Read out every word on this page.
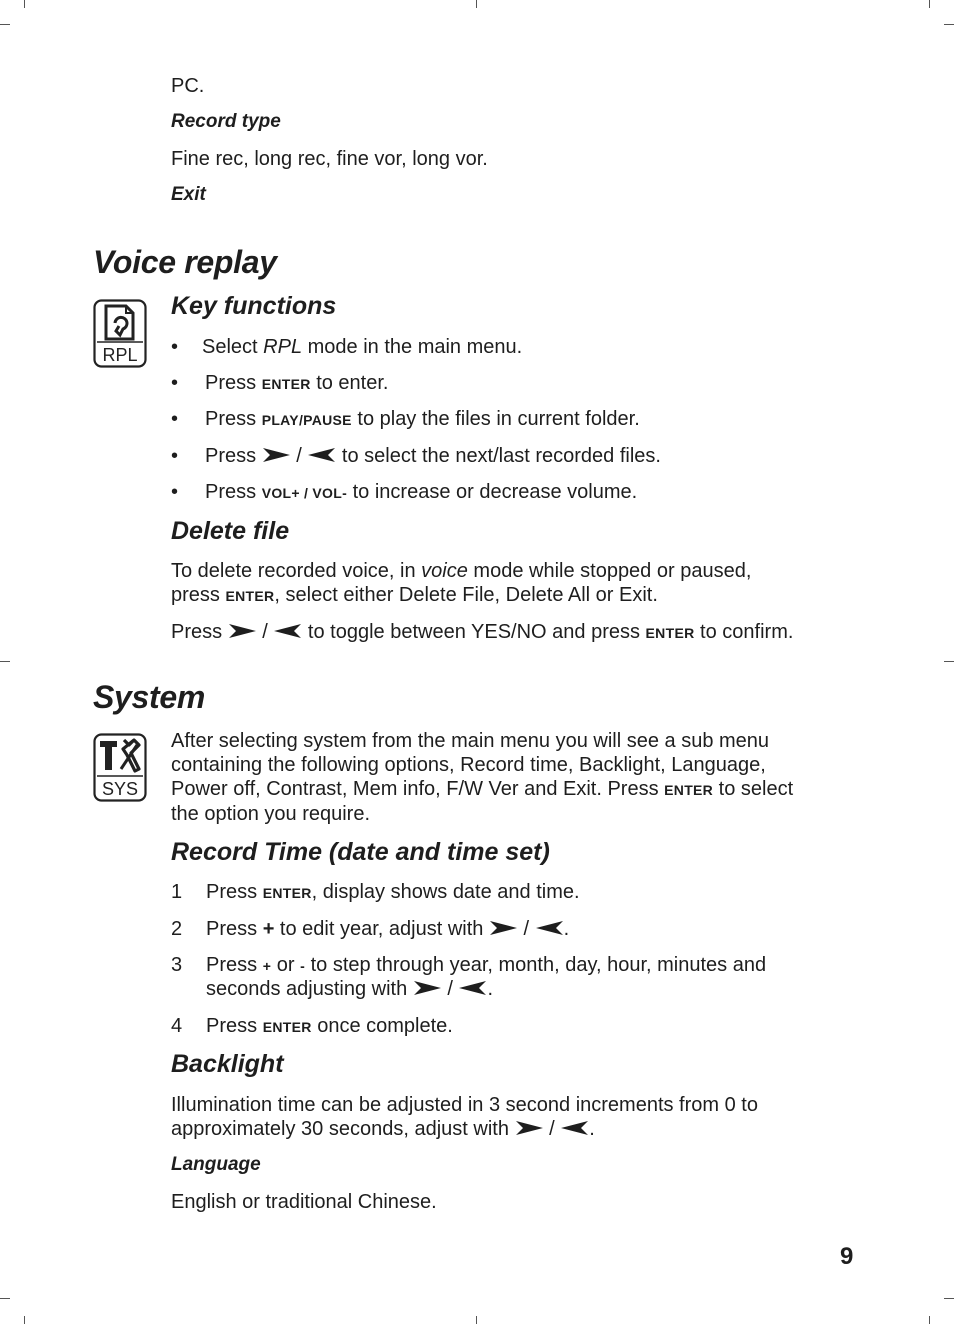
PC.
Record type
Fine rec, long rec, fine vor, long vor.
Exit
Voice replay
RPL
Key functions
• Select RPL mode in the main menu.
• Press ENTER to enter.
• Press PLAY/PAUSE to play the files in current folder.
• Press
/
to select the next/last recorded files.
• Press VOL+ / VOL- to increase or decrease volume.
Delete file
To delete recorded voice, in voice mode while stopped or paused,
press ENTER, select either Delete File, Delete All or Exit.
Press
/
to toggle between YES/NO and press ENTER to confirm.
System
SYS
After selecting system from the main menu you will see a sub menu
containing the following options, Record time, Backlight, Language,
Power off, Contrast, Mem info, F/W Ver and Exit. Press ENTER to select
the option you require.
Record Time (date and time set)
1 Press ENTER, display shows date and time.
2 Press + to edit year, adjust with
/
.
3 Press + or - to step through year, month, day, hour, minutes and
seconds adjusting with
/
.
4 Press ENTER once complete.
Backlight
Illumination time can be adjusted in 3 second increments from 0 to
approximately 30 seconds, adjust with
/
.
Language
English or traditional Chinese.
9
